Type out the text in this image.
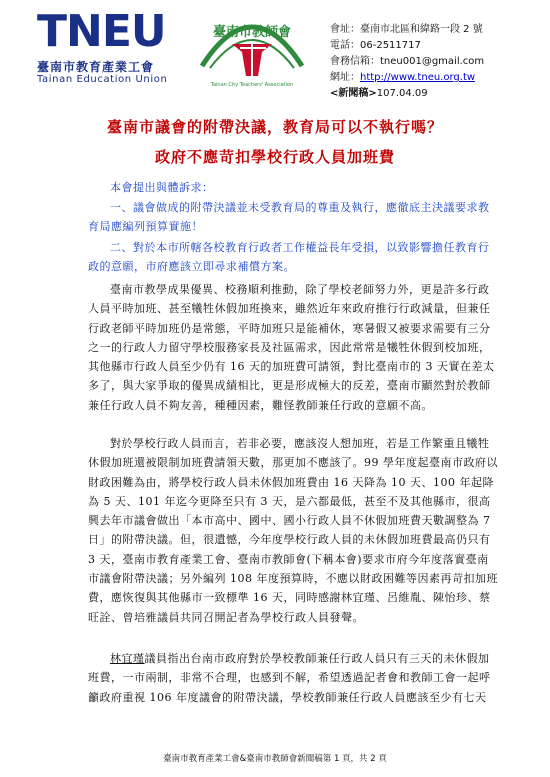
TNEU
臺南市教育產業工會
Tainan Education Union
臺南市教師會
Tainan City Teachers' Association
會址：臺南市北區和緯路一段 2 號
電話：06-2511717
會務信箱：tneu001@gmail.com
網址：http://www.tneu.org.tw
<新聞稿>107.04.09
臺南市議會的附帶決議，教育局可以不執行嗎？
政府不應苛扣學校行政人員加班費
本會提出與體訴求：
一、議會做成的附帶決議並未受教育局的尊重及執行，應徹底主決議要求教育局應編列預算實施！
二、對於本市所轄各校教育行政者工作權益長年受損，以致影響擔任教育行政的意願，市府應該立即尋求補償方案。
臺南市教學成果優異、校務順利推動，除了學校老師努力外，更是許多行政人員平時加班、甚至犧牲休假加班換來，雖然近年來政府推行行政減量，但兼任行政老師平時加班仍是常態，平時加班只是能補休，寒暑假又被要求需要有三分之一的行政人力留守學校服務家長及社區需求，因此常常是犧牲休假到校加班，其他縣市行政人員至少仍有 16 天的加班費可請領，對比臺南市的 3 天實在差太多了，與大家爭取的優異成績相比，更是形成極大的反差，臺南市顯然對於教師兼任行政人員不夠友善，種種因素，難怪教師兼任行政的意願不高。
對於學校行政人員而言，若非必要，應該沒人想加班，若是工作繁重且犧牲休假加班還被限制加班費請領天數，那更加不應該了。99 學年度起臺南市政府以財政困難為由，將學校行政人員未休假加班費由 16 天降為 10 天、100 年起降為 5 天、101 年迄今更降至只有 3 天，是六都最低，甚至不及其他縣市，很高興去年市議會做出「本市高中、國中、國小行政人員不休假加班費天數調整為 7 日」的附帶決議。但，很遺憾，今年度學校行政人員的未休假加班費最高仍只有 3 天，臺南市教育產業工會、臺南市教師會(下稱本會)要求市府今年度落實臺南市議會附帶決議；另外編列 108 年度預算時，不應以財政困難等因素再苛扣加班費，應恢復與其他縣市一致標準 16 天，同時感謝林宜瑾、呂維胤、陳怡珍、蔡旺詮、曾培雅議員共同召開記者為學校行政人員發聲。
林宜瑾議員指出台南市政府對於學校教師兼任行政人員只有三天的未休假加班費，一市兩制，非常不合理，也感到不解，希望透過記者會和教師工會一起呼籲政府重視 106 年度議會的附帶決議，學校教師兼任行政人員應該至少有七天
臺南市教育產業工會&臺南市教師會新聞稿第 1 頁，共 2 頁
